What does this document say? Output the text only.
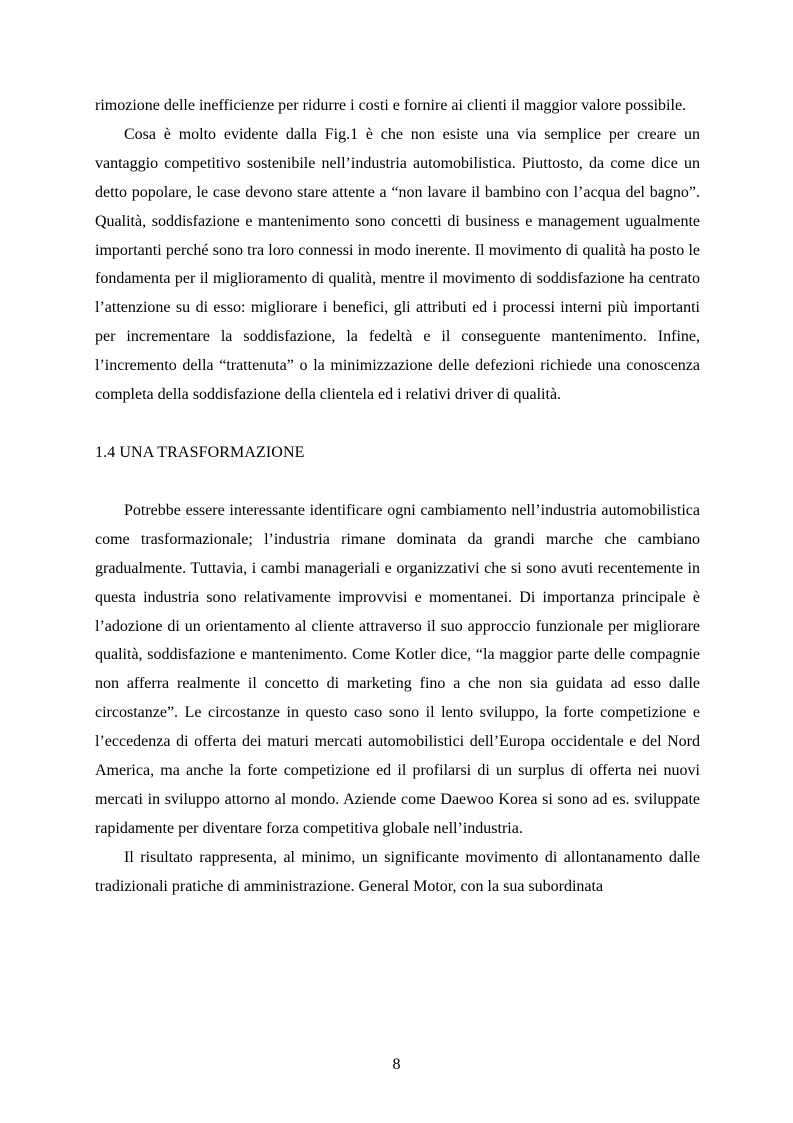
rimozione delle inefficienze per ridurre i costi e fornire ai clienti il maggior valore possibile.

Cosa è molto evidente dalla Fig.1 è che non esiste una via semplice per creare un vantaggio competitivo sostenibile nell’industria automobilistica. Piuttosto, da come dice un detto popolare, le case devono stare attente a “non lavare il bambino con l’acqua del bagno”. Qualità, soddisfazione e mantenimento sono concetti di business e management ugualmente importanti perché sono tra loro connessi in modo inerente. Il movimento di qualità ha posto le fondamenta per il miglioramento di qualità, mentre il movimento di soddisfazione ha centrato l’attenzione su di esso: migliorare i benefici, gli attributi ed i processi interni più importanti per incrementare la soddisfazione, la fedeltà e il conseguente mantenimento. Infine, l’incremento della “trattenuta” o la minimizzazione delle defezioni richiede una conoscenza completa della soddisfazione della clientela ed i relativi driver di qualità.

1.4 UNA TRASFORMAZIONE

Potrebbe essere interessante identificare ogni cambiamento nell’industria automobilistica come trasformazionale; l’industria rimane dominata da grandi marche che cambiano gradualmente. Tuttavia, i cambi manageriali e organizzativi che si sono avuti recentemente in questa industria sono relativamente improvvisi e momentanei. Di importanza principale è l’adozione di un orientamento al cliente attraverso il suo approccio funzionale per migliorare qualità, soddisfazione e mantenimento. Come Kotler dice, “la maggior parte delle compagnie non afferra realmente il concetto di marketing fino a che non sia guidata ad esso dalle circostanze”. Le circostanze in questo caso sono il lento sviluppo, la forte competizione e l’eccedenza di offerta dei maturi mercati automobilistici dell’Europa occidentale e del Nord America, ma anche la forte competizione ed il profilarsi di un surplus di offerta nei nuovi mercati in sviluppo attorno al mondo. Aziende come Daewoo Korea si sono ad es. sviluppate rapidamente per diventare forza competitiva globale nell’industria.

Il risultato rappresenta, al minimo, un significante movimento di allontanamento dalle tradizionali pratiche di amministrazione. General Motor, con la sua subordinata

8
